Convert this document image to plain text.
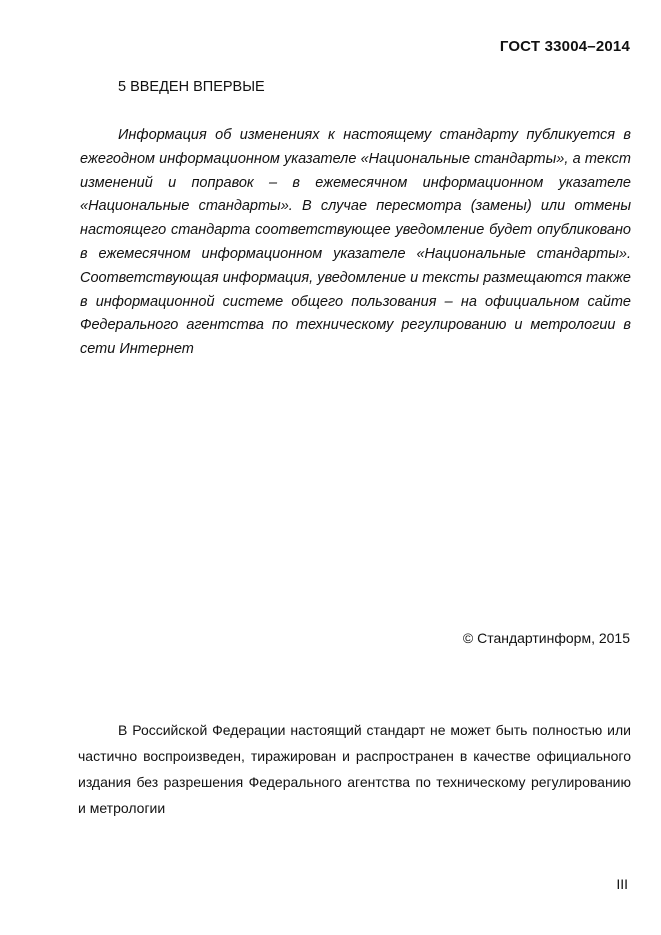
ГОСТ 33004–2014
5 ВВЕДЕН ВПЕРВЫЕ
Информация об изменениях к настоящему стандарту публикуется в ежегодном информационном указателе «Национальные стандарты», а текст изменений и поправок – в ежемесячном информационном указателе «Национальные стандарты». В случае пересмотра (замены) или отмены настоящего стандарта соответствующее уведомление будет опубликовано в ежемесячном информационном указателе «Национальные стандарты». Соответствующая информация, уведомление и тексты размещаются также в информационной системе общего пользования – на официальном сайте Федерального агентства по техническому регулированию и метрологии в сети Интернет
© Стандартинформ, 2015
В Российской Федерации настоящий стандарт не может быть полностью или частично воспроизведен, тиражирован и распространен в качестве официального издания без разрешения Федерального агентства по техническому регулированию и метрологии
III
